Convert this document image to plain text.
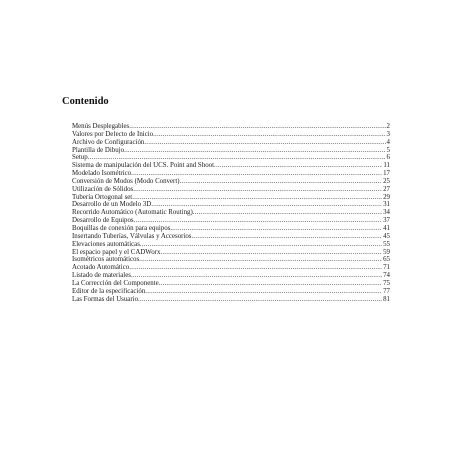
Contenido
Menús Desplegables .....	2
Valores por Defecto de Inicio .....	3
Archivo de Configuración .....	4
Plantilla de Dibujo .....	5
Setup .....	6
Sistema de manipulación del UCS. Point and Shoot .....	11
Modelado Isométrico .....	17
Conversión de Modos (Modo Convert) .....	25
Utilización de Sólidos .....	27
Tubería Ortogonal set .....	29
Desarrollo de un Modelo 3D .....	31
Recorrido Automático (Automatic Routing) .....	34
Desarrollo de Equipos .....	37
Boquillas de conexión para equipos. .....	41
Insertando Tuberías, Válvulas y Accesorios .....	45
Elevaciones automáticas .....	55
El espacio papel y el CADWorx .....	59
Isométricos automáticos .....	65
Acotado Automático .....	71
Listado de materiales .....	74
La Corrección del Componente .....	75
Editor de la especificación .....	77
Las Formas del Usuario .....	81
